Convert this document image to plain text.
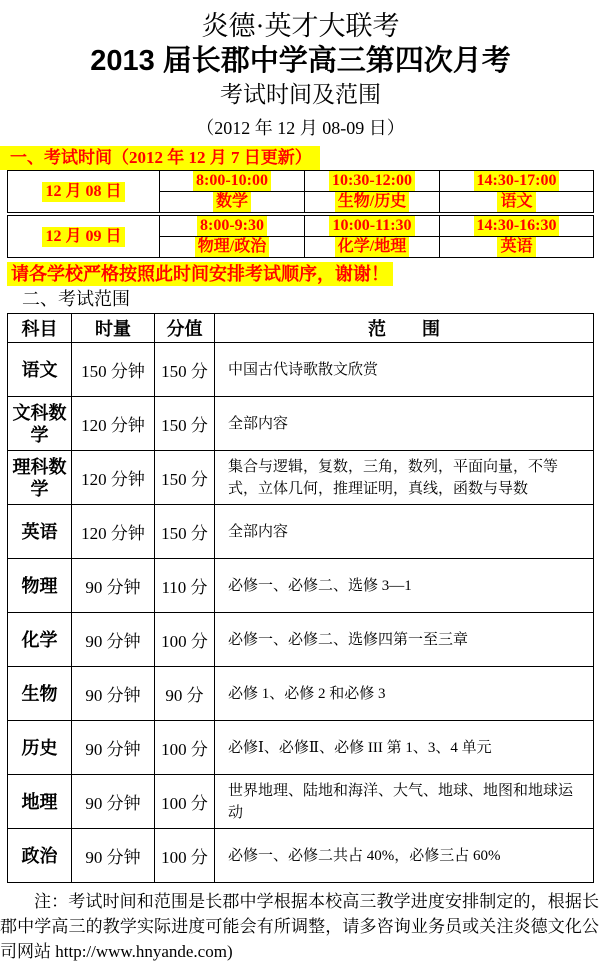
炎德·英才大联考
2013 届长郡中学高三第四次月考
考试时间及范围
（2012 年 12 月 08-09 日）
一、考试时间（2012 年 12 月 7 日更新）
12 月 08 日	8:00-10:00	10:30-12:00	14:30-17:00
	数学	生物/历史	语文
12 月 09 日	8:00-9:30	10:00-11:30	14:30-16:30
	物理/政治	化学/地理	英语
请各学校严格按照此时间安排考试顺序，谢谢！
二、考试范围
科目	时量	分值	范　　围
语文	150 分钟	150 分	中国古代诗歌散文欣赏
文科数学	120 分钟	150 分	全部内容
理科数学	120 分钟	150 分	集合与逻辑，复数，三角，数列，平面向量，不等式，立体几何，推理证明，真线，函数与导数
英语	120 分钟	150 分	全部内容
物理	90 分钟	110 分	必修一、必修二、选修 3—1
化学	90 分钟	100 分	必修一、必修二、选修四第一至三章
生物	90 分钟	90 分	必修 1、必修 2 和必修 3
历史	90 分钟	100 分	必修Ⅰ、必修Ⅱ、必修 III 第 1、3、4 单元
地理	90 分钟	100 分	世界地理、陆地和海洋、大气、地球、地图和地球运动
政治	90 分钟	100 分	必修一、必修二共占 40%，必修三占 60%

注：考试时间和范围是长郡中学根据本校高三教学进度安排制定的，根据长郡中学高三的教学实际进度可能会有所调整，请多咨询业务员或关注炎德文化公司网站 http://www.hnyande.com)
